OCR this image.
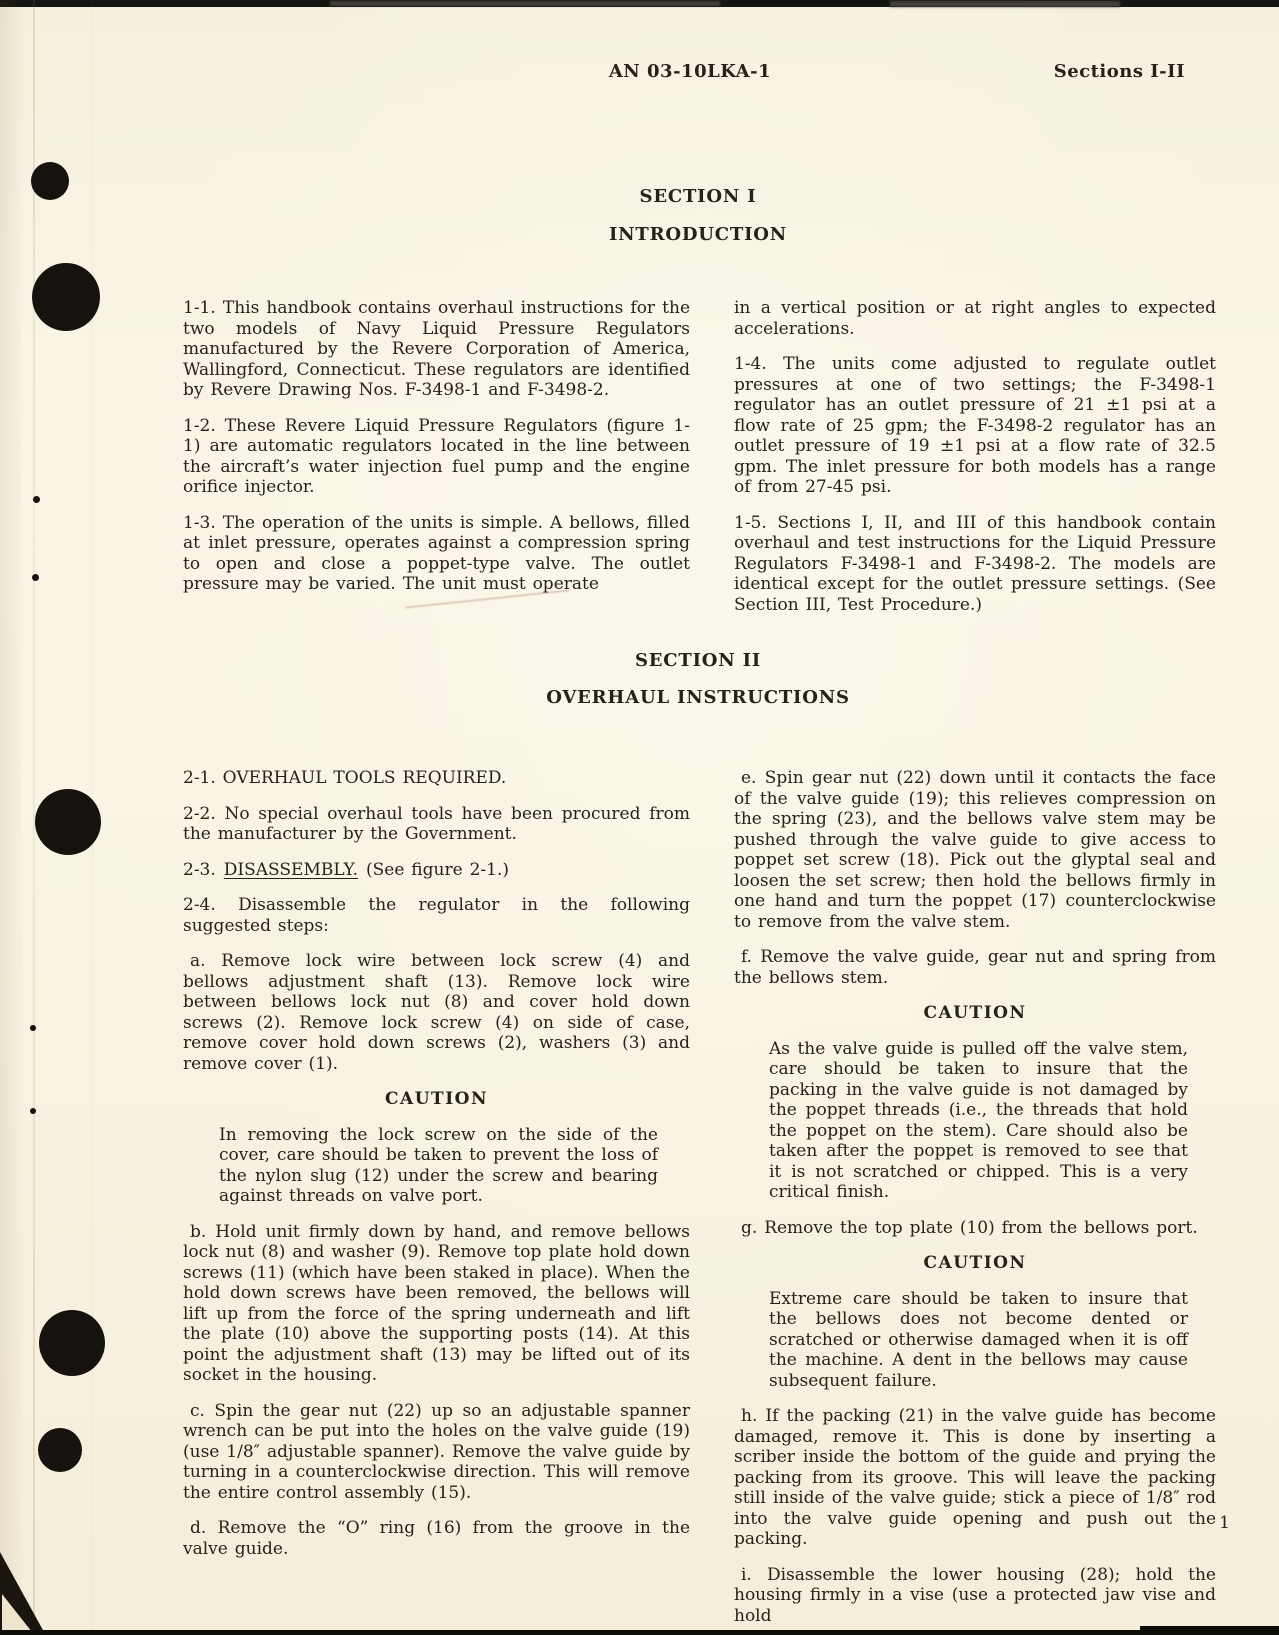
AN 03-10LKA-1	Sections I-II
SECTION I
INTRODUCTION

1-1. This handbook contains overhaul instructions for the two models of Navy Liquid Pressure Regulators manufactured by the Revere Corporation of America, Wallingford, Connecticut. These regulators are identified by Revere Drawing Nos. F-3498-1 and F-3498-2.

1-2. These Revere Liquid Pressure Regulators (figure 1-1) are automatic regulators located in the line between the aircraft’s water injection fuel pump and the engine orifice injector.

1-3. The operation of the units is simple. A bellows, filled at inlet pressure, operates against a compression spring to open and close a poppet-type valve. The outlet pressure may be varied. The unit must operate

in a vertical position or at right angles to expected accelerations.

1-4. The units come adjusted to regulate outlet pressures at one of two settings; the F-3498-1 regulator has an outlet pressure of 21 ±1 psi at a flow rate of 25 gpm; the F-3498-2 regulator has an outlet pressure of 19 ±1 psi at a flow rate of 32.5 gpm. The inlet pressure for both models has a range of from 27-45 psi.

1-5. Sections I, II, and III of this handbook contain overhaul and test instructions for the Liquid Pressure Regulators F-3498-1 and F-3498-2. The models are identical except for the outlet pressure settings. (See Section III, Test Procedure.)

SECTION II
OVERHAUL INSTRUCTIONS

2-1. OVERHAUL TOOLS REQUIRED.

2-2. No special overhaul tools have been procured from the manufacturer by the Government.

2-3. DISASSEMBLY. (See figure 2-1.)

2-4. Disassemble the regulator in the following suggested steps:

a. Remove lock wire between lock screw (4) and bellows adjustment shaft (13). Remove lock wire between bellows lock nut (8) and cover hold down screws (2). Remove lock screw (4) on side of case, remove cover hold down screws (2), washers (3) and remove cover (1).

CAUTION

In removing the lock screw on the side of the cover, care should be taken to prevent the loss of the nylon slug (12) under the screw and bearing against threads on valve port.

b. Hold unit firmly down by hand, and remove bellows lock nut (8) and washer (9). Remove top plate hold down screws (11) (which have been staked in place). When the hold down screws have been removed, the bellows will lift up from the force of the spring underneath and lift the plate (10) above the supporting posts (14). At this point the adjustment shaft (13) may be lifted out of its socket in the housing.

c. Spin the gear nut (22) up so an adjustable spanner wrench can be put into the holes on the valve guide (19) (use 1/8″ adjustable spanner). Remove the valve guide by turning in a counterclockwise direction. This will remove the entire control assembly (15).

d. Remove the “O” ring (16) from the groove in the valve guide.

e. Spin gear nut (22) down until it contacts the face of the valve guide (19); this relieves compression on the spring (23), and the bellows valve stem may be pushed through the valve guide to give access to poppet set screw (18). Pick out the glyptal seal and loosen the set screw; then hold the bellows firmly in one hand and turn the poppet (17) counterclockwise to remove from the valve stem.

f. Remove the valve guide, gear nut and spring from the bellows stem.

CAUTION

As the valve guide is pulled off the valve stem, care should be taken to insure that the packing in the valve guide is not damaged by the poppet threads (i.e., the threads that hold the poppet on the stem). Care should also be taken after the poppet is removed to see that it is not scratched or chipped. This is a very critical finish.

g. Remove the top plate (10) from the bellows port.

CAUTION

Extreme care should be taken to insure that the bellows does not become dented or scratched or otherwise damaged when it is off the machine. A dent in the bellows may cause subsequent failure.

h. If the packing (21) in the valve guide has become damaged, remove it. This is done by inserting a scriber inside the bottom of the guide and prying the packing from its groove. This will leave the packing still inside of the valve guide; stick a piece of 1/8″ rod into the valve guide opening and push out the packing.

i. Disassemble the lower housing (28); hold the housing firmly in a vise (use a protected jaw vise and hold

1
